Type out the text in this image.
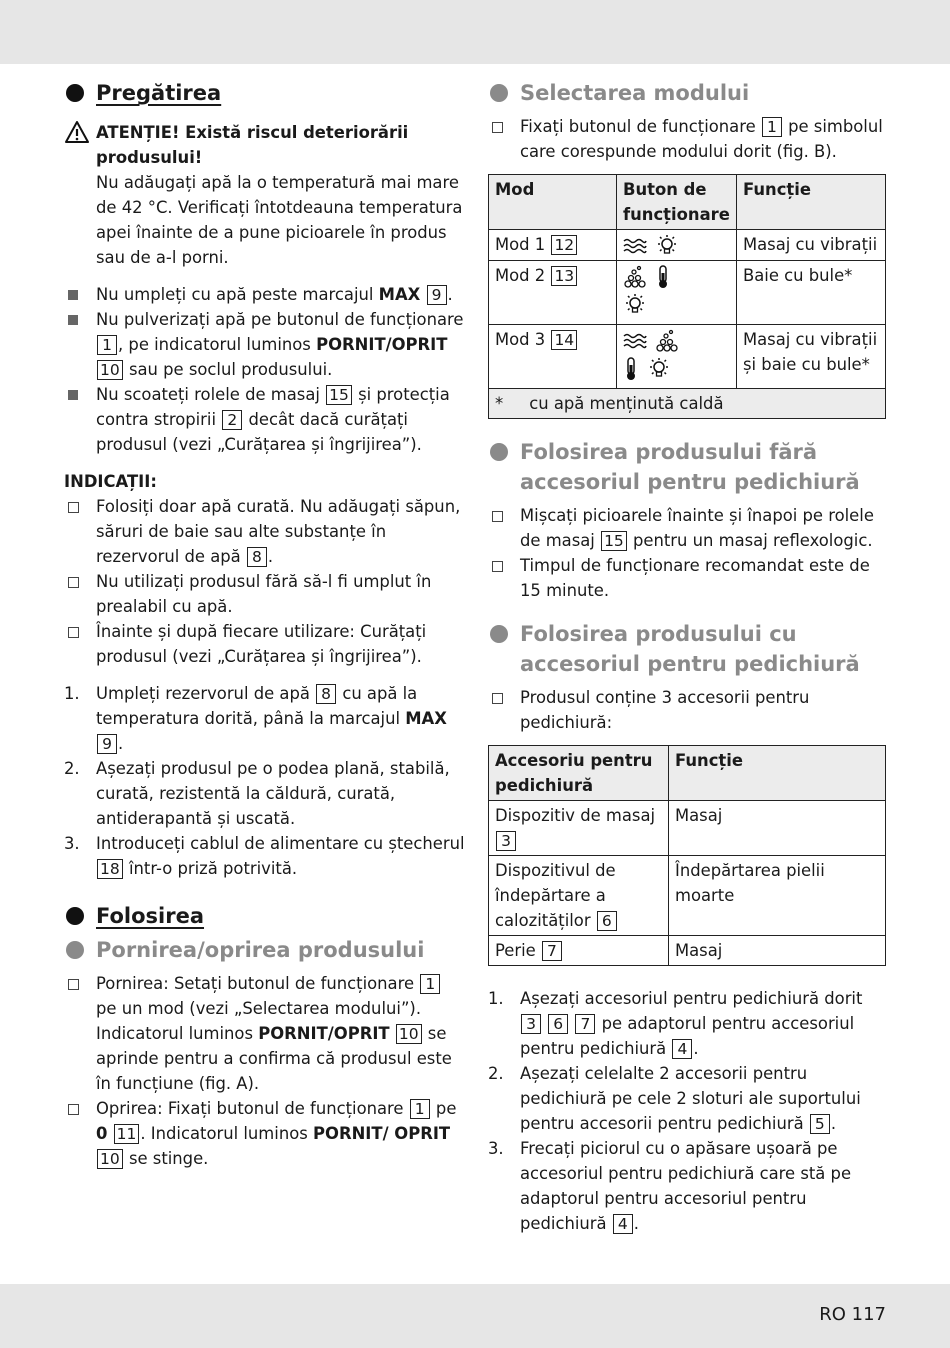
Pregătirea
ATENȚIE! Există riscul deteriorării produsului!
Nu adăugați apă la o temperatură mai mare de 42 °C. Verificați întotdeauna temperatura apei înainte de a pune picioarele în produs sau de a-l porni.
Nu umpleți cu apă peste marcajul MAX 9 .
Nu pulverizați apă pe butonul de funcționare 1 , pe indicatorul luminos PORNIT/OPRIT 10 sau pe soclul produsului.
Nu scoateți rolele de masaj 15 și protecția contra stropirii 2 decât dacă curățați produsul (vezi „Curățarea și îngrijirea”).
INDICAȚII:
Folosiți doar apă curată. Nu adăugați săpun, săruri de baie sau alte substanțe în rezervorul de apă 8 .
Nu utilizați produsul fără să-l fi umplut în prealabil cu apă.
Înainte și după fiecare utilizare: Curățați produsul (vezi „Curățarea și îngrijirea”).
1. Umpleți rezervorul de apă 8 cu apă la temperatura dorită, până la marcajul MAX 9 .
2. Așezați produsul pe o podea plană, stabilă, curată, rezistentă la căldură, curată, antiderapantă și uscată.
3. Introduceți cablul de alimentare cu ștecherul 18 într-o priză potrivită.
Folosirea
Pornirea/oprirea produsului
Pornirea: Setați butonul de funcționare 1 pe un mod (vezi „Selectarea modului”). Indicatorul luminos PORNIT/OPRIT 10 se aprinde pentru a confirma că produsul este în funcțiune (fig. A).
Oprirea: Fixați butonul de funcționare 1 pe 0 11 . Indicatorul luminos PORNIT/ OPRIT 10 se stinge.
Selectarea modului
Fixați butonul de funcționare 1 pe simbolul care corespunde modului dorit (fig. B).
Mod	Buton de funcționare	Funcție
Mod 1 12		Masaj cu vibrații
Mod 2 13		Baie cu bule*
Mod 3 14		Masaj cu vibrații și baie cu bule*
*     cu apă menținută caldă		
Folosirea produsului fără accesoriul pentru pedichiură
Mișcați picioarele înainte și înapoi pe rolele de masaj 15 pentru un masaj reflexologic.
Timpul de funcționare recomandat este de 15 minute.
Folosirea produsului cu accesoriul pentru pedichiură
Produsul conține 3 accesorii pentru pedichiură:
Accesoriu pentru pedichiură	Funcție
Dispozitiv de masaj 3	Masaj
Dispozitivul de îndepărtare a calozităților 6	Îndepărtarea pielii moarte
Perie 7	Masaj
1. Așezați accesoriul pentru pedichiură dorit 3 6 7 pe adaptorul pentru accesoriul pentru pedichiură 4 .
2. Așezați celelalte 2 accesorii pentru pedichiură pe cele 2 sloturi ale suportului pentru accesorii pentru pedichiură 5 .
3. Frecați piciorul cu o apăsare ușoară pe accesoriul pentru pedichiură care stă pe adaptorul pentru accesoriul pentru pedichiură 4 .
RO 117
